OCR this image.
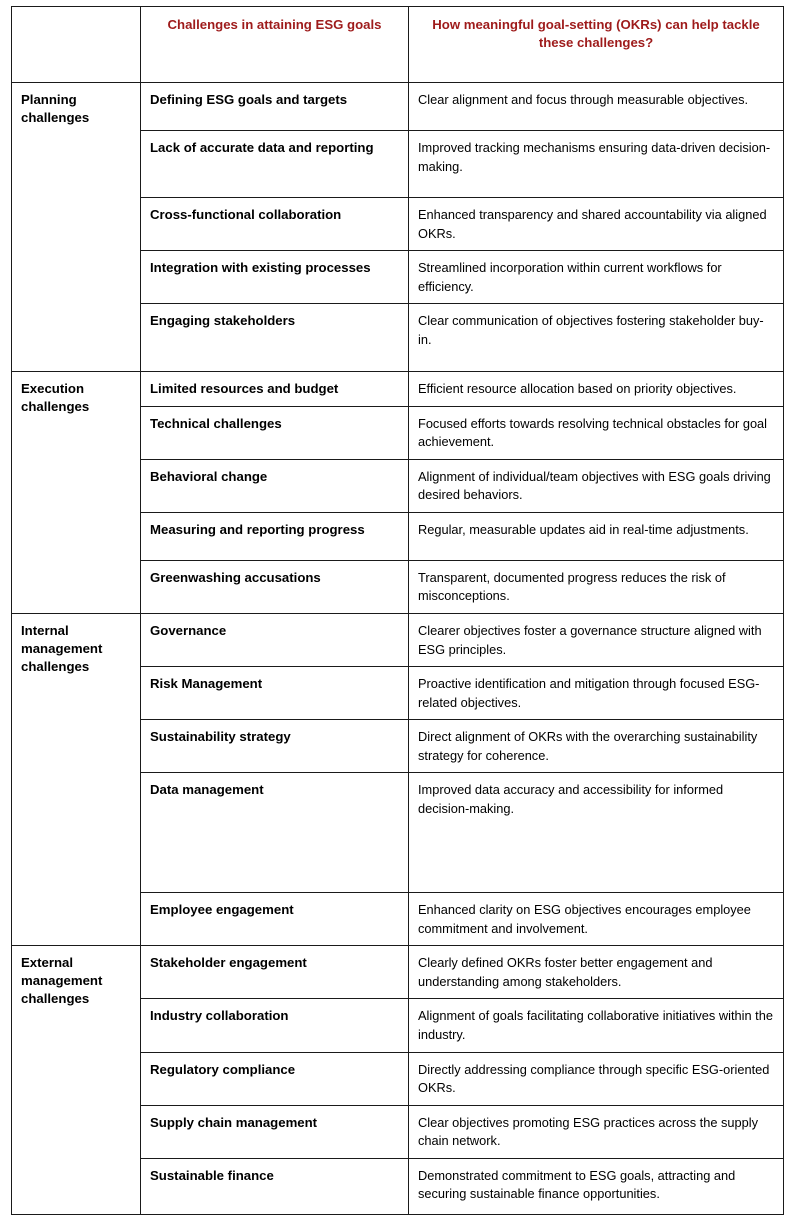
	Challenges in attaining ESG goals	How meaningful goal-setting (OKRs) can help tackle these challenges?

Planning challenges	Defining ESG goals and targets	Clear alignment and focus through measurable objectives.
	Lack of accurate data and reporting	Improved tracking mechanisms ensuring data-driven decision-making.
	Cross-functional collaboration	Enhanced transparency and shared accountability via aligned OKRs.
	Integration with existing processes	Streamlined incorporation within current workflows for efficiency.
	Engaging stakeholders	Clear communication of objectives fostering stakeholder buy-in.
Execution challenges	Limited resources and budget	Efficient resource allocation based on priority objectives.
	Technical challenges	Focused efforts towards resolving technical obstacles for goal achievement.
	Behavioral change	Alignment of individual/team objectives with ESG goals driving desired behaviors.
	Measuring and reporting progress	Regular, measurable updates aid in real-time adjustments.
	Greenwashing accusations	Transparent, documented progress reduces the risk of misconceptions.
Internal management challenges	Governance	Clearer objectives foster a governance structure aligned with ESG principles.
	Risk Management	Proactive identification and mitigation through focused ESG-related objectives.
	Sustainability strategy	Direct alignment of OKRs with the overarching sustainability strategy for coherence.
	Data management	Improved data accuracy and accessibility for informed decision-making.
	Employee engagement	Enhanced clarity on ESG objectives encourages employee commitment and involvement.
External management challenges	Stakeholder engagement	Clearly defined OKRs foster better engagement and understanding among stakeholders.
	Industry collaboration	Alignment of goals facilitating collaborative initiatives within the industry.
	Regulatory compliance	Directly addressing compliance through specific ESG-oriented OKRs.
	Supply chain management	Clear objectives promoting ESG practices across the supply chain network.
	Sustainable finance	Demonstrated commitment to ESG goals, attracting and securing sustainable finance opportunities.
